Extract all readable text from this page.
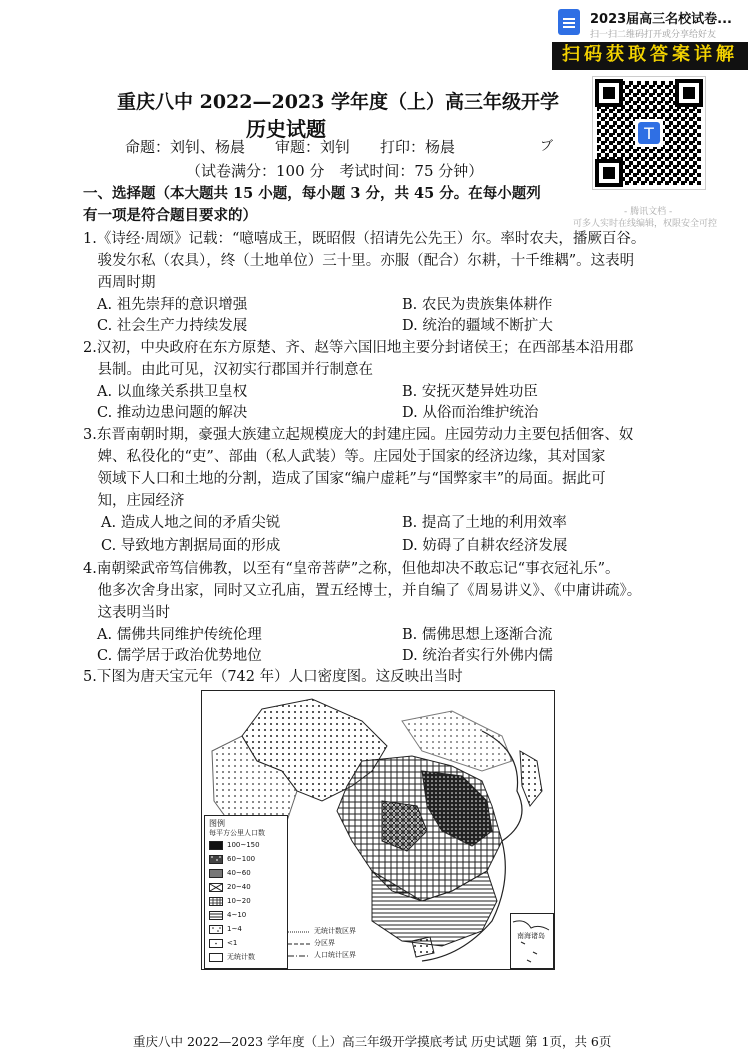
2023届高三名校试卷...
扫一扫二维码打开或分享给好友
扫码获取答案详解
T
- 腾讯文档 -
可多人实时在线编辑，权限安全可控
重庆八中 2022—2023 学年度（上）高三年级开学
历史试题
命题：刘钊、杨晨　　审题：刘钊　　打印：杨晨	ブ
（试卷满分：100 分　考试时间：75 分钟）
一、选择题（本大题共 15 小题，每小题 3 分，共 45 分。在每小题列
有一项是符合题目要求的）
1.《诗经·周颂》记载：“噫嘻成王，既昭假（招请先公先王）尔。率时农夫，播厥百谷。
　骏发尔私（农具），终（土地单位）三十里。亦服（配合）尔耕，十千维耦”。这表明
　西周时期
A. 祖先崇拜的意识增强	B. 农民为贵族集体耕作
C. 社会生产力持续发展	D. 统治的疆域不断扩大
2.汉初，中央政府在东方原楚、齐、赵等六国旧地主要分封诸侯王；在西部基本沿用郡
　县制。由此可见，汉初实行郡国并行制意在
A. 以血缘关系拱卫皇权	B. 安抚灭楚异姓功臣
C. 推动边患问题的解决	D. 从俗而治维护统治
3.东晋南朝时期，豪强大族建立起规模庞大的封建庄园。庄园劳动力主要包括佃客、奴
　婢、私役化的“吏”、部曲（私人武装）等。庄园处于国家的经济边缘，其对国家
　领域下人口和土地的分割，造成了国家“编户虚耗”与“国弊家丰”的局面。据此可
　知，庄园经济
A. 造成人地之间的矛盾尖锐	B. 提高了土地的利用效率
C. 导致地方割据局面的形成	D. 妨碍了自耕农经济发展
4.南朝梁武帝笃信佛教，以至有“皇帝菩萨”之称，但他却决不敢忘记“事衣冠礼乐”。
　他多次舍身出家，同时又立孔庙，置五经博士，并自编了《周易讲义》、《中庸讲疏》。
　这表明当时
A. 儒佛共同维护传统伦理	B. 儒佛思想上逐渐合流
C. 儒学居于政治优势地位	D. 统治者实行外佛内儒
5.下图为唐天宝元年（742 年）人口密度图。这反映出当时
图例
每平方公里人口数
100~150
60~100
40~60
20~40
10~20
4~10
1~4
<1
无统计数
无统计数区界
分区界
人口统计区界
南海诸岛
重庆八中 2022—2023 学年度（上）高三年级开学摸底考试 历史试题 第 1页，共 6页
